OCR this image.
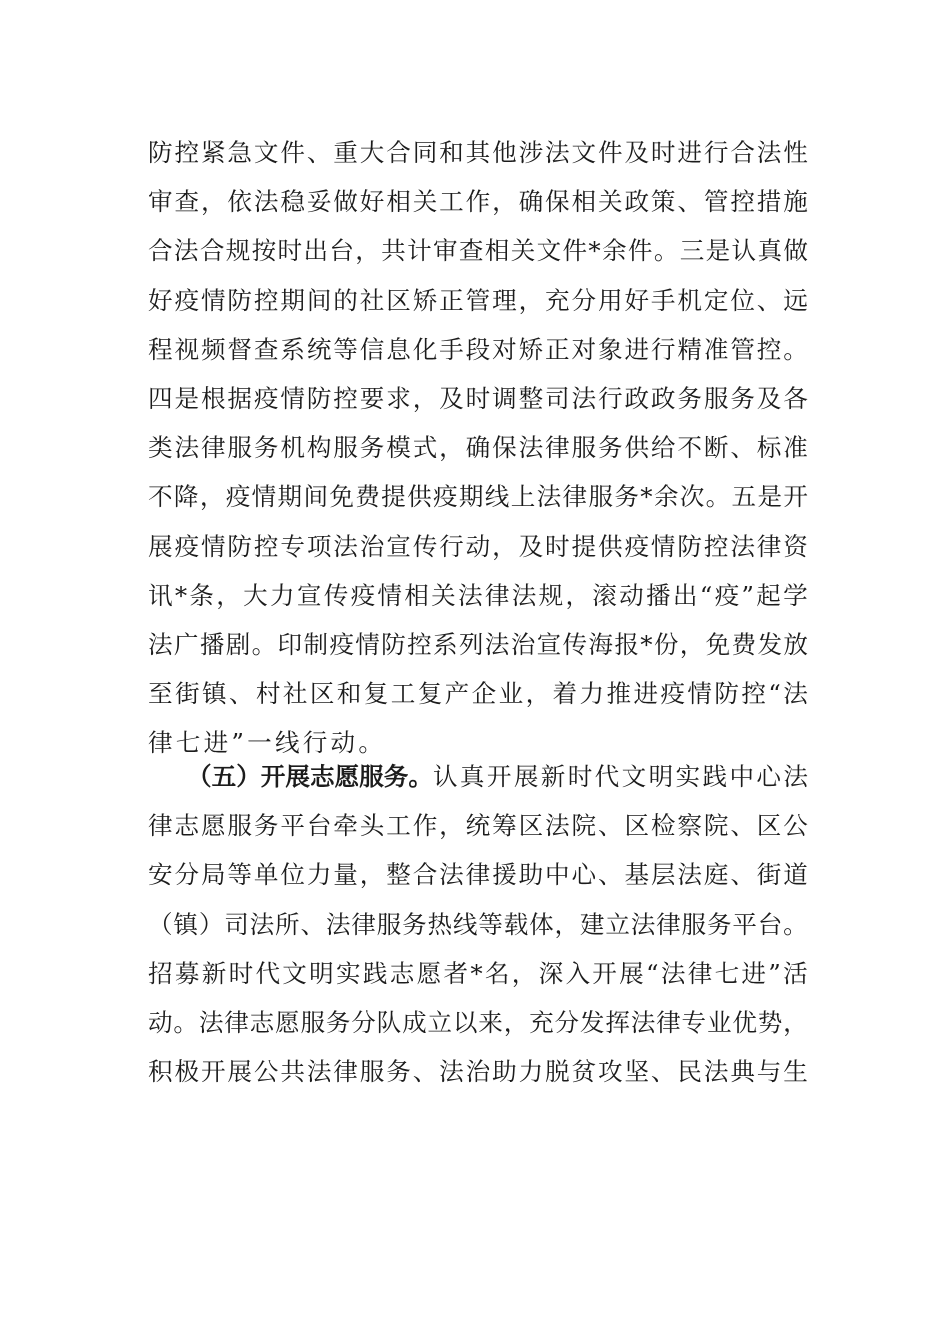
防 控 紧 急 文 件 、 重 大 合 同 和 其 他 涉 法 文 件 及 时 进 行 合 法 性
审 查 ， 依 法 稳 妥 做 好 相 关 工 作 ， 确 保 相 关 政 策 、 管 控 措 施
合 法 合 规 按 时 出 台 ， 共 计 审 查 相 关 文 件 * 余 件 。 三 是 认 真 做
好 疫 情 防 控 期 间 的 社 区 矫 正 管 理 ， 充 分 用 好 手 机 定 位 、 远
程 视 频 督 查 系 统 等 信 息 化 手 段 对 矫 正 对 象 进 行 精 准 管 控 。
四 是 根 据 疫 情 防 控 要 求 ， 及 时 调 整 司 法 行 政 政 务 服 务 及 各
类 法 律 服 务 机 构 服 务 模 式 ， 确 保 法 律 服 务 供 给 不 断 、 标 准
不 降 ， 疫 情 期 间 免 费 提 供 疫 期 线 上 法 律 服 务 * 余 次 。 五 是 开
展 疫 情 防 控 专 项 法 治 宣 传 行 动 ， 及 时 提 供 疫 情 防 控 法 律 资
讯 * 条 ， 大 力 宣 传 疫 情 相 关 法 律 法 规 ， 滚 动 播 出 “ 疫 ” 起 学
法 广 播 剧 。 印 制 疫 情 防 控 系 列 法 治 宣 传 海 报 * 份 ， 免 费 发 放
至 街 镇 、 村 社 区 和 复 工 复 产 企 业 ， 着 力 推 进 疫 情 防 控 “ 法
律七进”一线行动。
（五）开展志愿服务。 认 真 开 展 新 时 代 文 明 实 践 中 心 法
律 志 愿 服 务 平 台 牵 头 工 作 ， 统 筹 区 法 院 、 区 检 察 院 、 区 公
安 分 局 等 单 位 力 量 ， 整 合 法 律 援 助 中 心 、 基 层 法 庭 、 街 道
（ 镇 ） 司 法 所 、 法 律 服 务 热 线 等 载 体 ， 建 立 法 律 服 务 平 台 。
招 募 新 时 代 文 明 实 践 志 愿 者 * 名 ， 深 入 开 展 “ 法 律 七 进 ” 活
动 。 法 律 志 愿 服 务 分 队 成 立 以 来 ， 充 分 发 挥 法 律 专 业 优 势 ，
积 极 开 展 公 共 法 律 服 务 、 法 治 助 力 脱 贫 攻 坚 、 民 法 典 与 生
